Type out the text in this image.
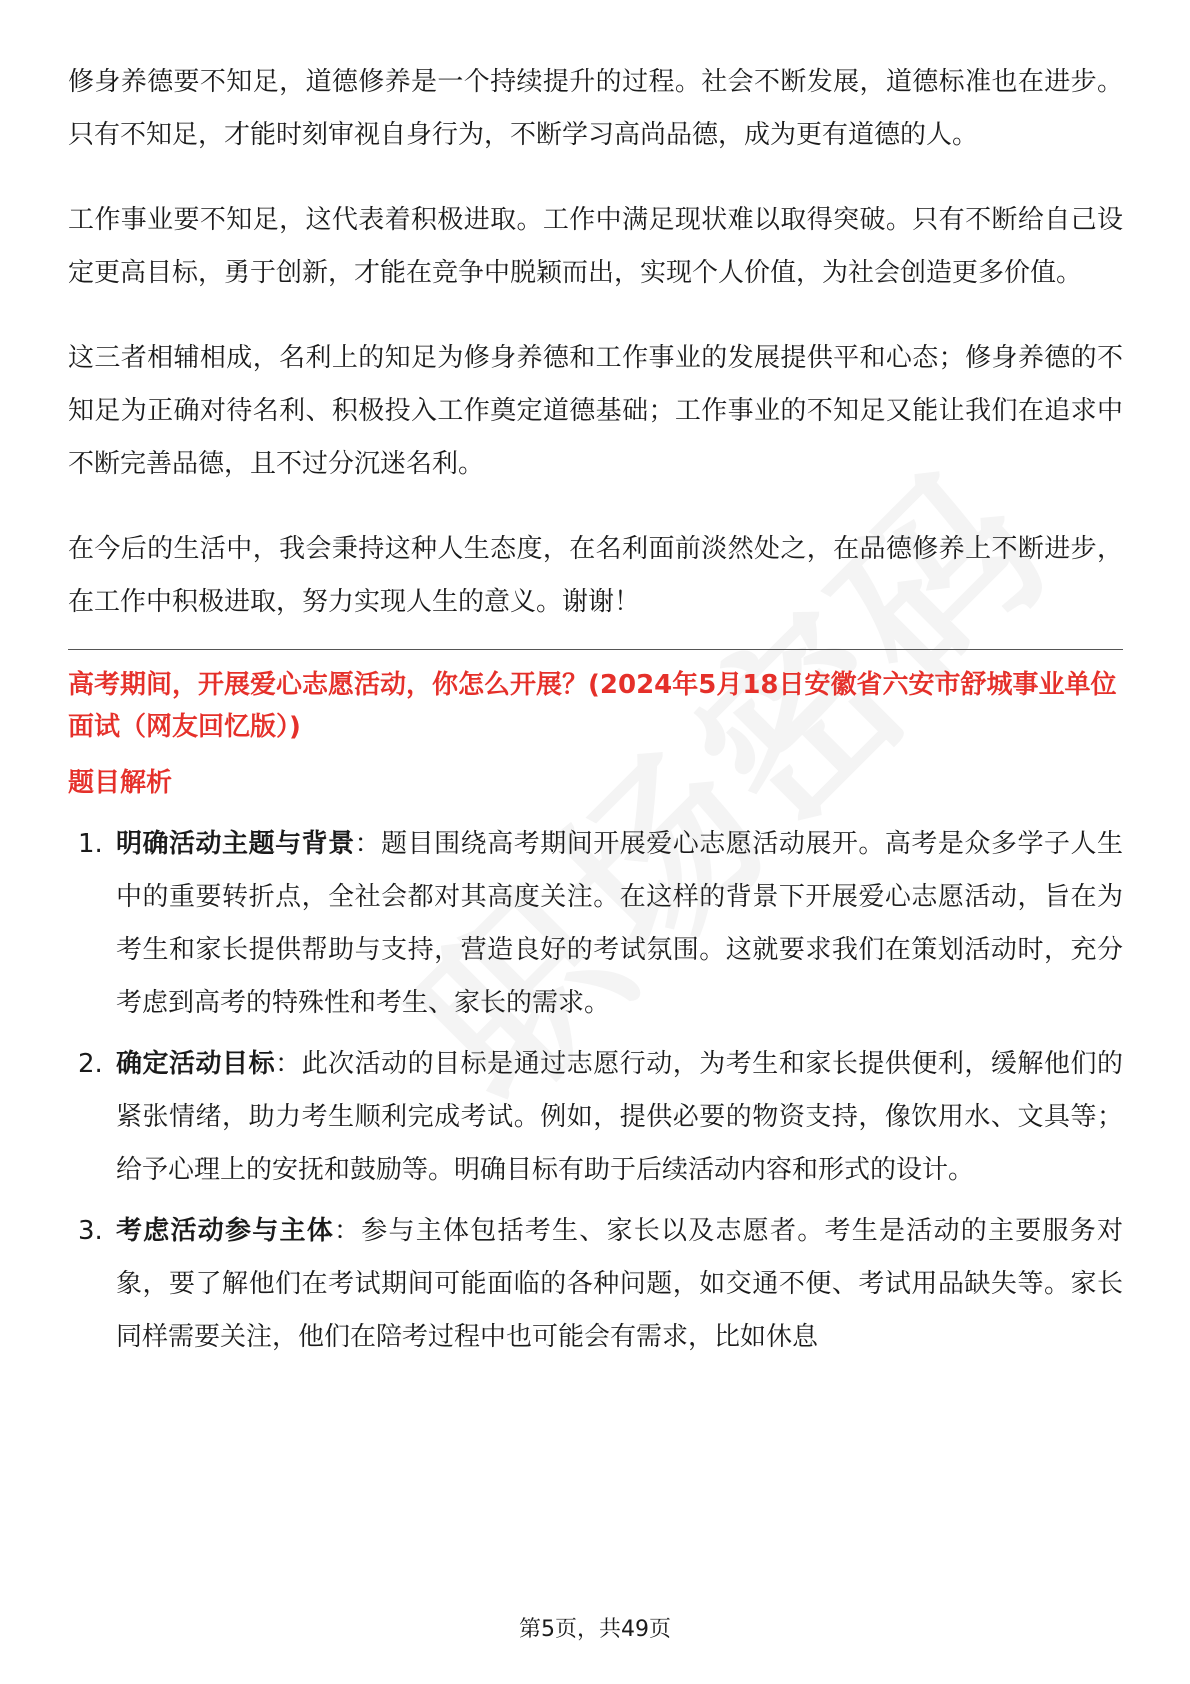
修身养德要不知足，道德修养是一个持续提升的过程。社会不断发展，道德标准也在进步。只有不知足，才能时刻审视自身行为，不断学习高尚品德，成为更有道德的人。

工作事业要不知足，这代表着积极进取。工作中满足现状难以取得突破。只有不断给自己设定更高目标，勇于创新，才能在竞争中脱颖而出，实现个人价值，为社会创造更多价值。

这三者相辅相成，名利上的知足为修身养德和工作事业的发展提供平和心态；修身养德的不知足为正确对待名利、积极投入工作奠定道德基础；工作事业的不知足又能让我们在追求中不断完善品德，且不过分沉迷名利。

在今后的生活中，我会秉持这种人生态度，在名利面前淡然处之，在品德修养上不断进步，在工作中积极进取，努力实现人生的意义。谢谢！

高考期间，开展爱心志愿活动，你怎么开展？(2024年5月18日安徽省六安市舒城事业单位面试（网友回忆版）)

题目解析

1. 明确活动主题与背景：题目围绕高考期间开展爱心志愿活动展开。高考是众多学子人生中的重要转折点，全社会都对其高度关注。在这样的背景下开展爱心志愿活动，旨在为考生和家长提供帮助与支持，营造良好的考试氛围。这就要求我们在策划活动时，充分考虑到高考的特殊性和考生、家长的需求。
2. 确定活动目标：此次活动的目标是通过志愿行动，为考生和家长提供便利，缓解他们的紧张情绪，助力考生顺利完成考试。例如，提供必要的物资支持，像饮用水、文具等；给予心理上的安抚和鼓励等。明确目标有助于后续活动内容和形式的设计。
3. 考虑活动参与主体：参与主体包括考生、家长以及志愿者。考生是活动的主要服务对象，要了解他们在考试期间可能面临的各种问题，如交通不便、考试用品缺失等。家长同样需要关注，他们在陪考过程中也可能会有需求，比如休息
第5页，共49页
